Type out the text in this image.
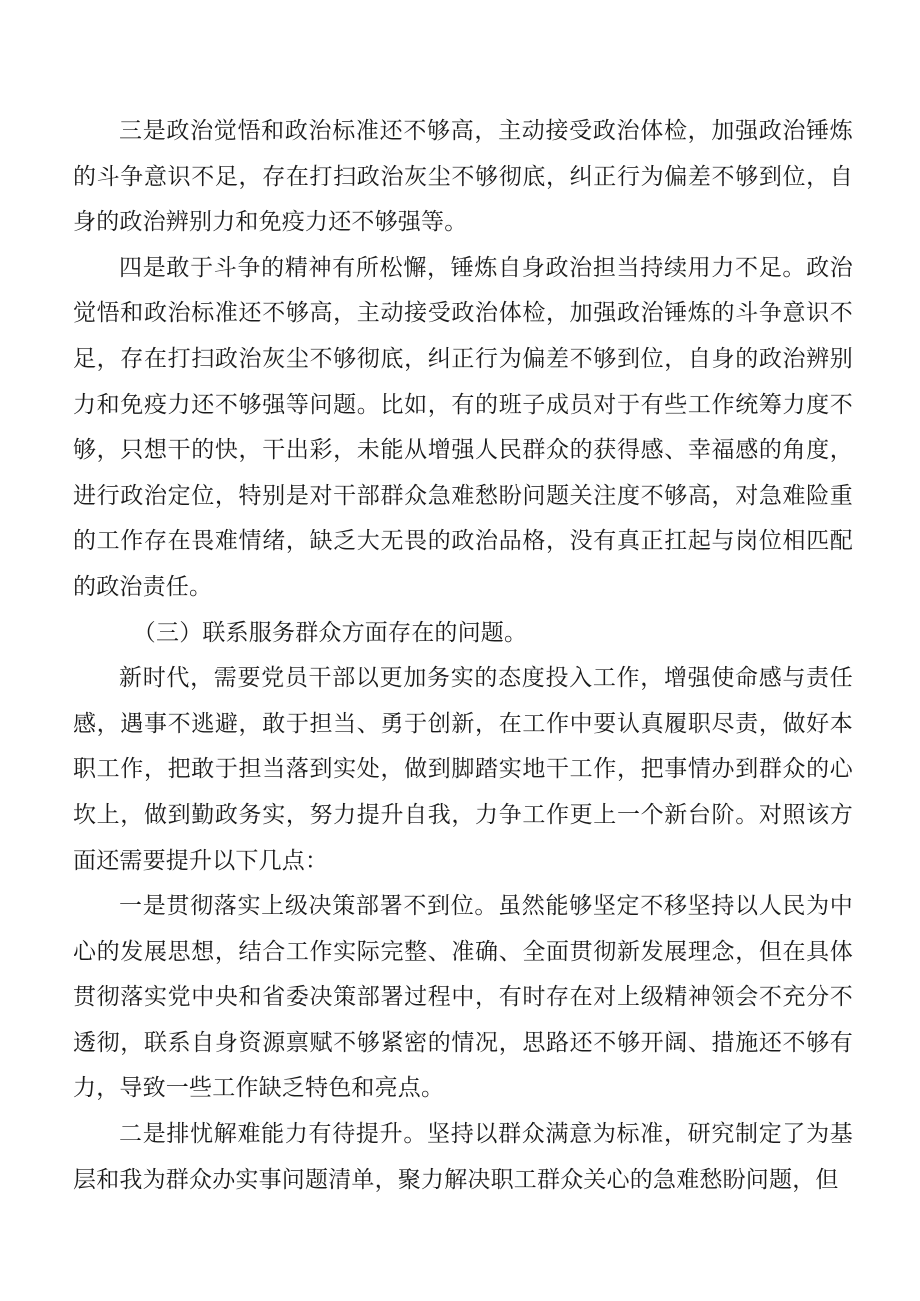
三是政治觉悟和政治标准还不够高，主动接受政治体检，加强政治锤炼的斗争意识不足，存在打扫政治灰尘不够彻底，纠正行为偏差不够到位，自身的政治辨别力和免疫力还不够强等。

四是敢于斗争的精神有所松懈，锤炼自身政治担当持续用力不足。政治觉悟和政治标准还不够高，主动接受政治体检，加强政治锤炼的斗争意识不足，存在打扫政治灰尘不够彻底，纠正行为偏差不够到位，自身的政治辨别力和免疫力还不够强等问题。比如，有的班子成员对于有些工作统筹力度不够，只想干的快，干出彩，未能从增强人民群众的获得感、幸福感的角度，进行政治定位，特别是对干部群众急难愁盼问题关注度不够高，对急难险重的工作存在畏难情绪，缺乏大无畏的政治品格，没有真正扛起与岗位相匹配的政治责任。

（三）联系服务群众方面存在的问题。

新时代，需要党员干部以更加务实的态度投入工作，增强使命感与责任感，遇事不逃避，敢于担当、勇于创新，在工作中要认真履职尽责，做好本职工作，把敢于担当落到实处，做到脚踏实地干工作，把事情办到群众的心坎上，做到勤政务实，努力提升自我，力争工作更上一个新台阶。对照该方面还需要提升以下几点：

一是贯彻落实上级决策部署不到位。虽然能够坚定不移坚持以人民为中心的发展思想，结合工作实际完整、准确、全面贯彻新发展理念，但在具体贯彻落实党中央和省委决策部署过程中，有时存在对上级精神领会不充分不透彻，联系自身资源禀赋不够紧密的情况，思路还不够开阔、措施还不够有力，导致一些工作缺乏特色和亮点。

二是排忧解难能力有待提升。坚持以群众满意为标准，研究制定了为基层和我为群众办实事问题清单，聚力解决职工群众关心的急难愁盼问题，但
